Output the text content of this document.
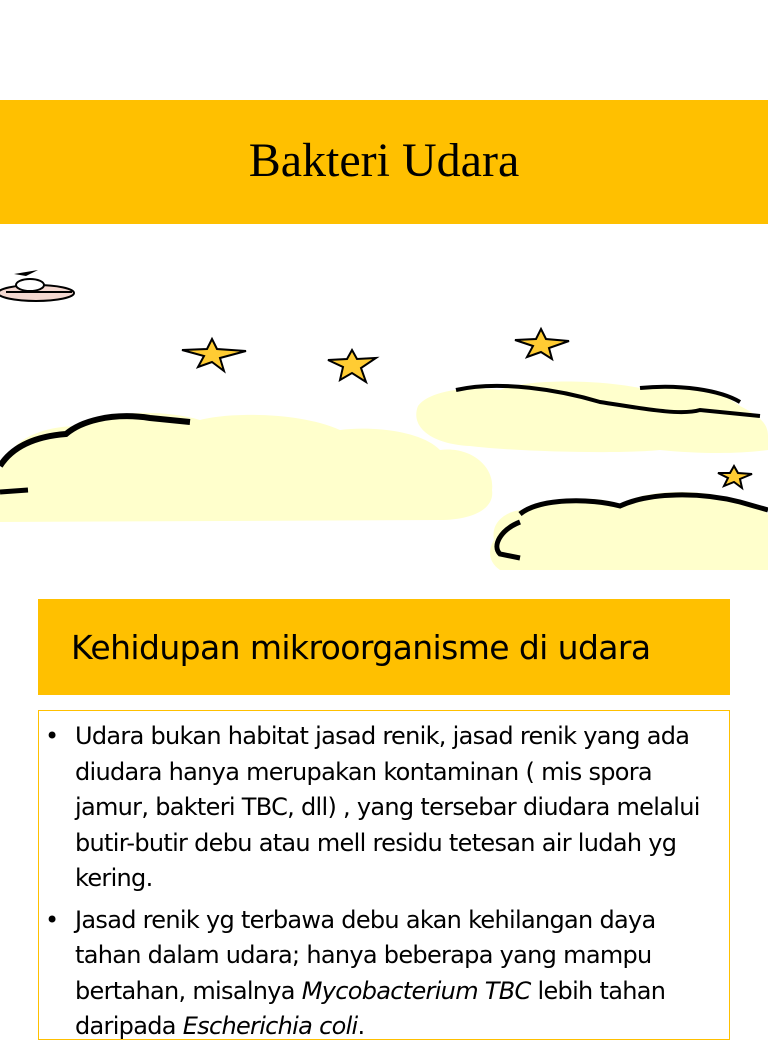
Bakteri Udara
Kehidupan mikroorganisme di udara
• Udara bukan habitat jasad renik, jasad renik yang ada diudara hanya merupakan kontaminan ( mis spora jamur, bakteri TBC, dll) , yang tersebar diudara melalui butir-butir debu atau mell residu tetesan air ludah yg kering.
• Jasad renik yg terbawa debu akan kehilangan daya tahan dalam udara; hanya beberapa yang mampu bertahan, misalnya Mycobacterium TBC lebih tahan daripada Escherichia coli.
